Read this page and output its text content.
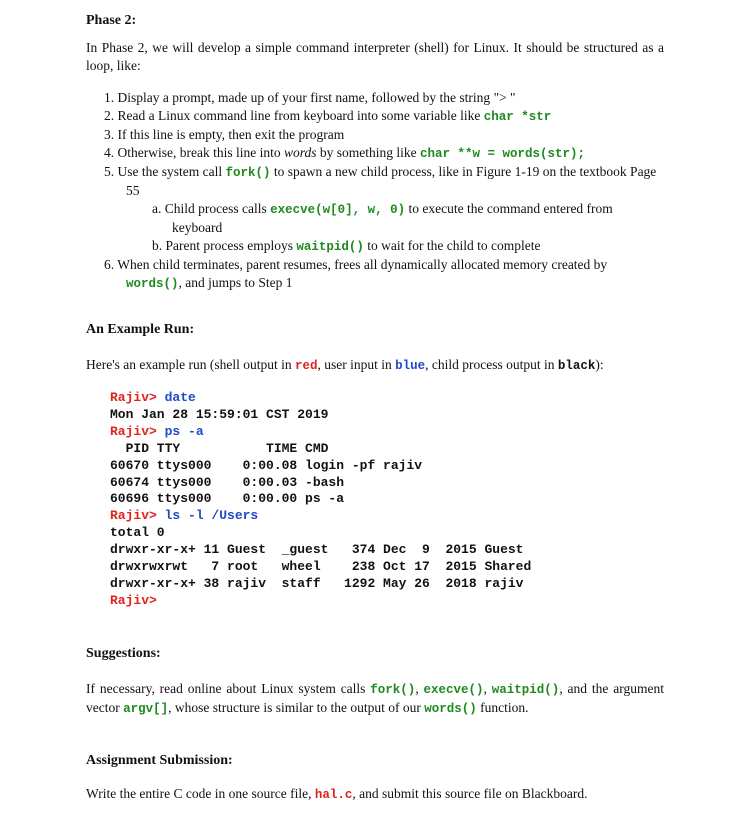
Phase 2:
In Phase 2, we will develop a simple command interpreter (shell) for Linux. It should be structured as a loop, like:
1. Display a prompt, made up of your first name, followed by the string "> "
2. Read a Linux command line from keyboard into some variable like char *str
3. If this line is empty, then exit the program
4. Otherwise, break this line into words by something like char **w = words(str);
5. Use the system call fork() to spawn a new child process, like in Figure 1-19 on the textbook Page 55
a. Child process calls execve(w[0], w, 0) to execute the command entered from keyboard
b. Parent process employs waitpid() to wait for the child to complete
6. When child terminates, parent resumes, frees all dynamically allocated memory created by words(), and jumps to Step 1
An Example Run:
Here's an example run (shell output in red, user input in blue, child process output in black):
Rajiv> date
Mon Jan 28 15:59:01 CST 2019
Rajiv> ps -a
PID TTY           TIME CMD
60670 ttys000    0:00.08 login -pf rajiv
60674 ttys000    0:00.03 -bash
60696 ttys000    0:00.00 ps -a
Rajiv> ls -l /Users
total 0
drwxr-xr-x+ 11 Guest  _guest   374 Dec  9  2015 Guest
drwxrwxrwt   7 root   wheel    238 Oct 17  2015 Shared
drwxr-xr-x+ 38 rajiv  staff   1292 May 26  2018 rajiv
Rajiv>
Suggestions:
If necessary, read online about Linux system calls fork(), execve(), waitpid(), and the argument vector argv[], whose structure is similar to the output of our words() function.
Assignment Submission:
Write the entire C code in one source file, hal.c, and submit this source file on Blackboard.
